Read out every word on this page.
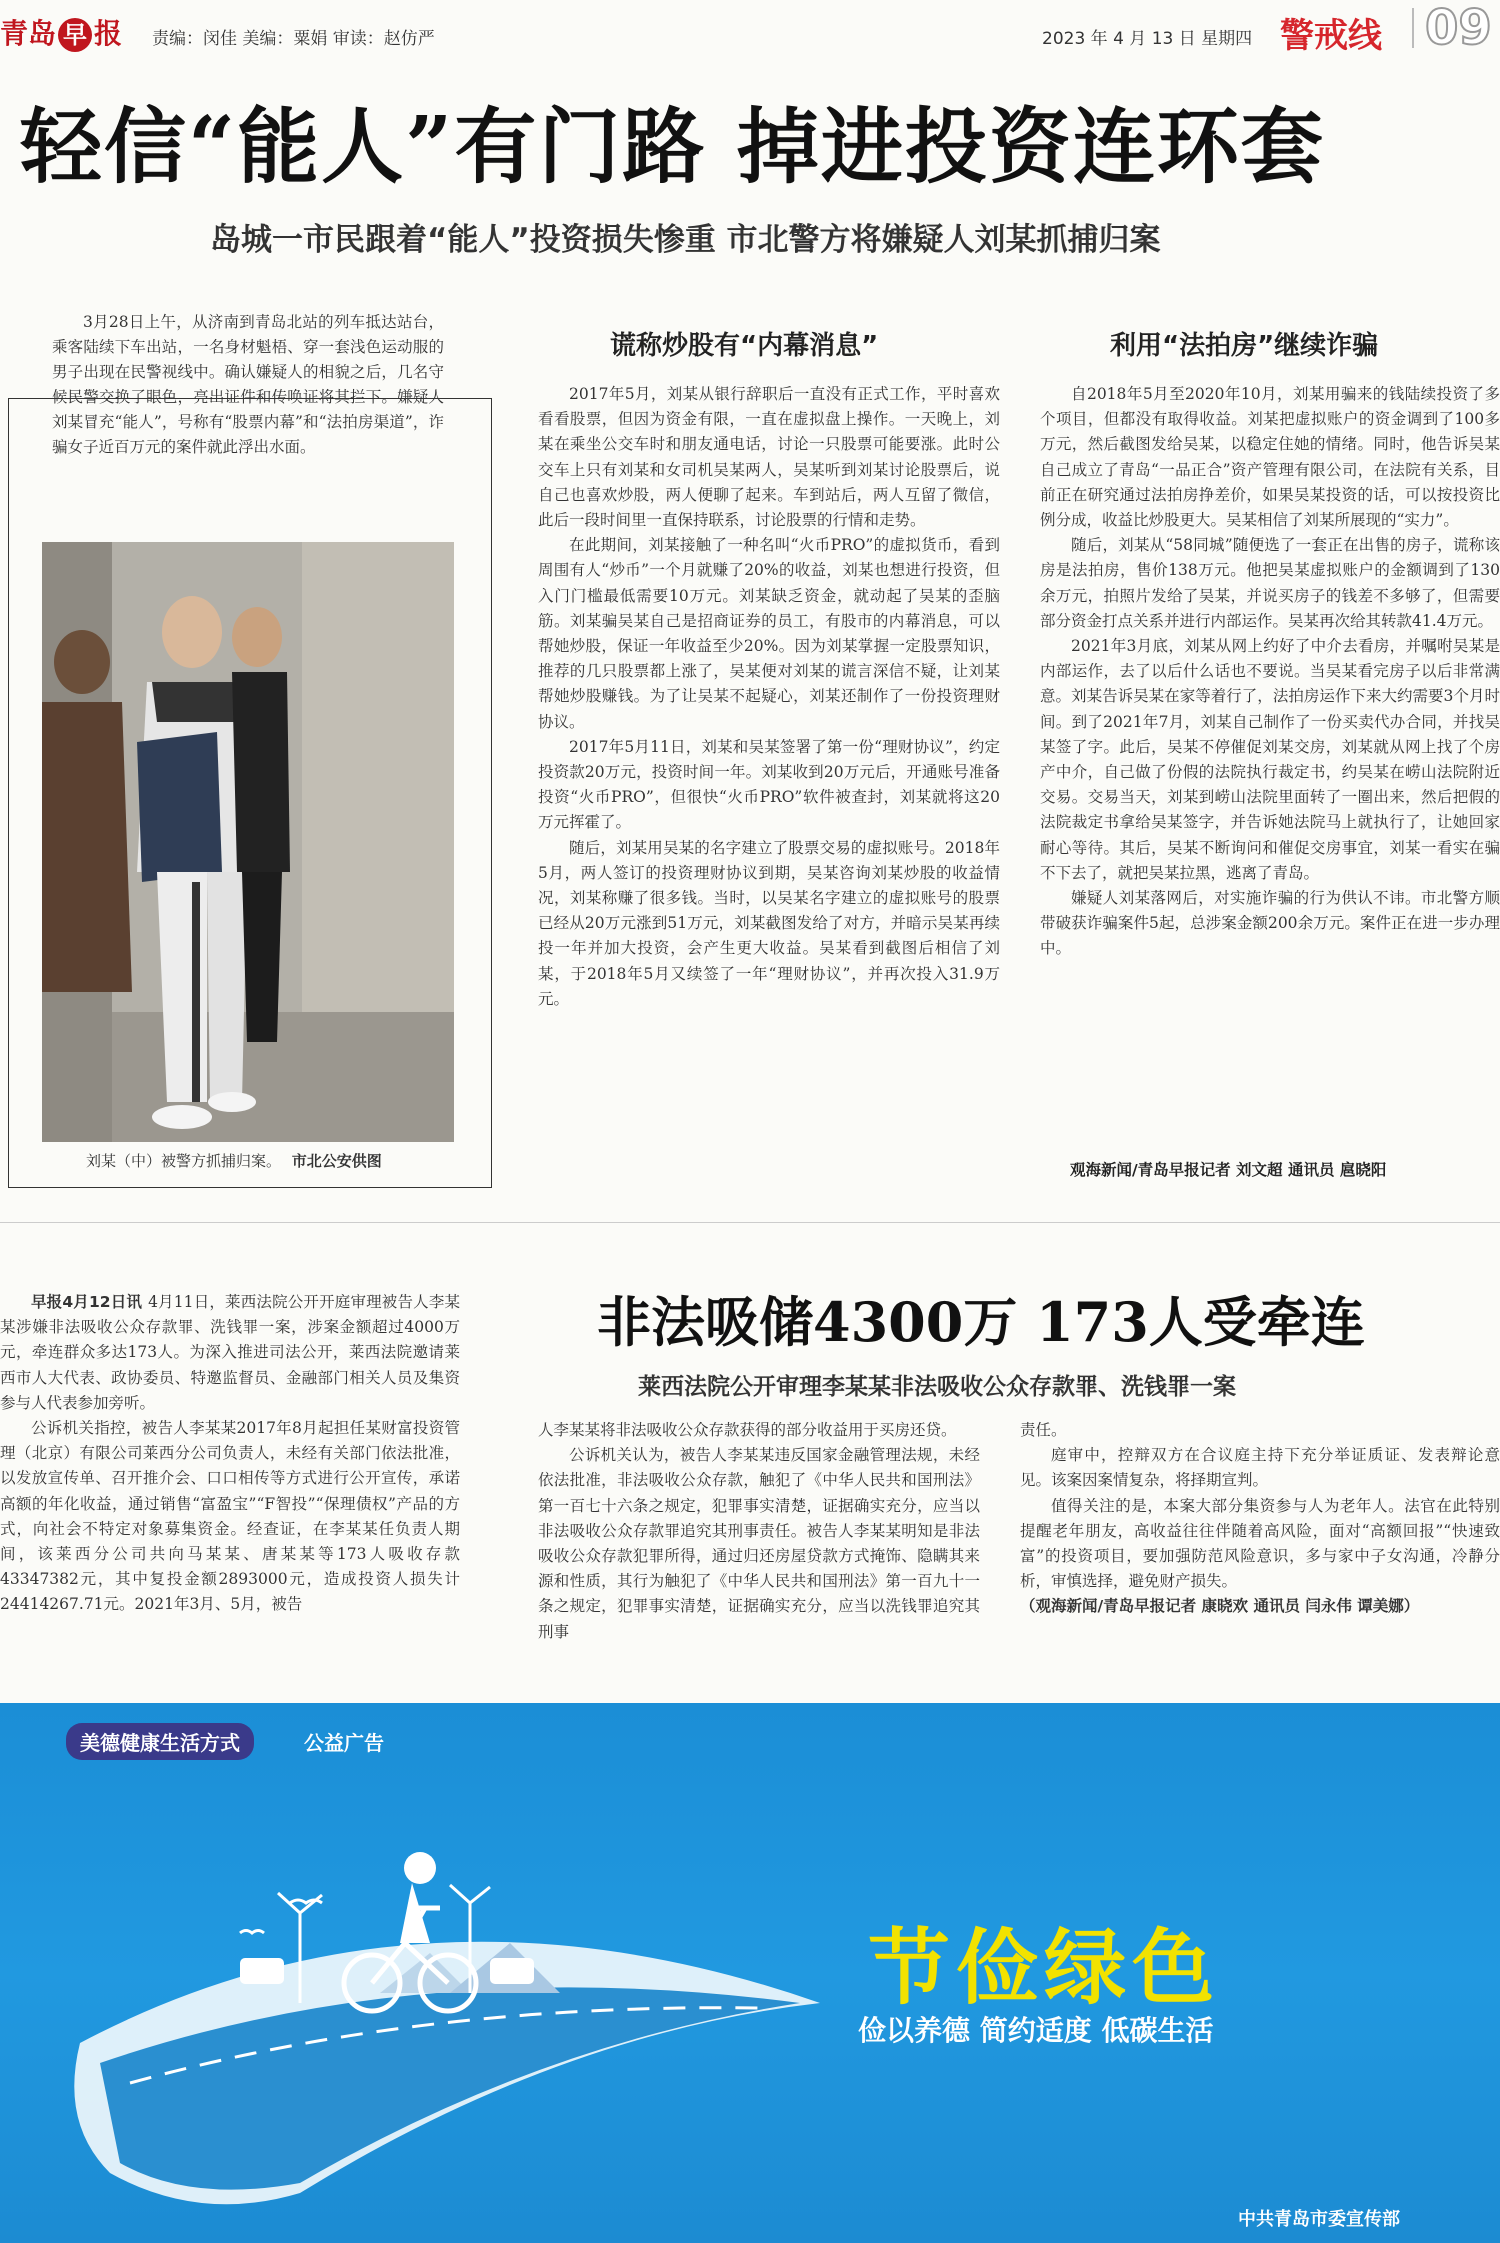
青岛 早 报 责编：闵佳 美编：粟娟 审读：赵仿严	2023 年 4 月 13 日 星期四 警戒线 09
轻信“能人”有门路 掉进投资连环套
岛城一市民跟着“能人”投资损失惨重 市北警方将嫌疑人刘某抓捕归案

3月28日上午，从济南到青岛北站的列车抵达站台，乘客陆续下车出站，一名身材魁梧、穿一套浅色运动服的男子出现在民警视线中。确认嫌疑人的相貌之后，几名守候民警交换了眼色，亮出证件和传唤证将其拦下。嫌疑人刘某冒充“能人”，号称有“股票内幕”和“法拍房渠道”，诈骗女子近百万元的案件就此浮出水面。

刘某（中）被警方抓捕归案。 市北公安供图
谎称炒股有“内幕消息”

2017年5月，刘某从银行辞职后一直没有正式工作，平时喜欢看看股票，但因为资金有限，一直在虚拟盘上操作。一天晚上，刘某在乘坐公交车时和朋友通电话，讨论一只股票可能要涨。此时公交车上只有刘某和女司机吴某两人，吴某听到刘某讨论股票后，说自己也喜欢炒股，两人便聊了起来。车到站后，两人互留了微信，此后一段时间里一直保持联系，讨论股票的行情和走势。

在此期间，刘某接触了一种名叫“火币PRO”的虚拟货币，看到周围有人“炒币”一个月就赚了20%的收益，刘某也想进行投资，但入门门槛最低需要10万元。刘某缺乏资金，就动起了吴某的歪脑筋。刘某骗吴某自己是招商证券的员工，有股市的内幕消息，可以帮她炒股，保证一年收益至少20%。因为刘某掌握一定股票知识，推荐的几只股票都上涨了，吴某便对刘某的谎言深信不疑，让刘某帮她炒股赚钱。为了让吴某不起疑心，刘某还制作了一份投资理财协议。

2017年5月11日，刘某和吴某签署了第一份“理财协议”，约定投资款20万元，投资时间一年。刘某收到20万元后，开通账号准备投资“火币PRO”，但很快“火币PRO”软件被查封，刘某就将这20万元挥霍了。

随后，刘某用吴某的名字建立了股票交易的虚拟账号。2018年5月，两人签订的投资理财协议到期，吴某咨询刘某炒股的收益情况，刘某称赚了很多钱。当时，以吴某名字建立的虚拟账号的股票已经从20万元涨到51万元，刘某截图发给了对方，并暗示吴某再续投一年并加大投资，会产生更大收益。吴某看到截图后相信了刘某，于2018年5月又续签了一年“理财协议”，并再次投入31.9万元。

利用“法拍房”继续诈骗

自2018年5月至2020年10月，刘某用骗来的钱陆续投资了多个项目，但都没有取得收益。刘某把虚拟账户的资金调到了100多万元，然后截图发给吴某，以稳定住她的情绪。同时，他告诉吴某自己成立了青岛“一品正合”资产管理有限公司，在法院有关系，目前正在研究通过法拍房挣差价，如果吴某投资的话，可以按投资比例分成，收益比炒股更大。吴某相信了刘某所展现的“实力”。

随后，刘某从“58同城”随便选了一套正在出售的房子，谎称该房是法拍房，售价138万元。他把吴某虚拟账户的金额调到了130余万元，拍照片发给了吴某，并说买房子的钱差不多够了，但需要部分资金打点关系并进行内部运作。吴某再次给其转款41.4万元。

2021年3月底，刘某从网上约好了中介去看房，并嘱咐吴某是内部运作，去了以后什么话也不要说。当吴某看完房子以后非常满意。刘某告诉吴某在家等着行了，法拍房运作下来大约需要3个月时间。到了2021年7月，刘某自己制作了一份买卖代办合同，并找吴某签了字。此后，吴某不停催促刘某交房，刘某就从网上找了个房产中介，自己做了份假的法院执行裁定书，约吴某在崂山法院附近交易。交易当天，刘某到崂山法院里面转了一圈出来，然后把假的法院裁定书拿给吴某签字，并告诉她法院马上就执行了，让她回家耐心等待。其后，吴某不断询问和催促交房事宜，刘某一看实在骗不下去了，就把吴某拉黑，逃离了青岛。

嫌疑人刘某落网后，对实施诈骗的行为供认不讳。市北警方顺带破获诈骗案件5起，总涉案金额200余万元。案件正在进一步办理中。

观海新闻/青岛早报记者 刘文超 通讯员 扈晓阳
非法吸储4300万 173人受牵连
莱西法院公开审理李某某非法吸收公众存款罪、洗钱罪一案

早报4月12日讯 4月11日，莱西法院公开开庭审理被告人李某某涉嫌非法吸收公众存款罪、洗钱罪一案，涉案金额超过4000万元，牵连群众多达173人。为深入推进司法公开，莱西法院邀请莱西市人大代表、政协委员、特邀监督员、金融部门相关人员及集资参与人代表参加旁听。

公诉机关指控，被告人李某某2017年8月起担任某财富投资管理（北京）有限公司莱西分公司负责人，未经有关部门依法批准，以发放宣传单、召开推介会、口口相传等方式进行公开宣传，承诺高额的年化收益，通过销售“富盈宝”“F智投”“保理债权”产品的方式，向社会不特定对象募集资金。经查证，在李某某任负责人期间，该莱西分公司共向马某某、唐某某等173人吸收存款43347382元，其中复投金额2893000元，造成投资人损失计24414267.71元。2021年3月、5月，被告

人李某某将非法吸收公众存款获得的部分收益用于买房还贷。

公诉机关认为，被告人李某某违反国家金融管理法规，未经依法批准，非法吸收公众存款，触犯了《中华人民共和国刑法》第一百七十六条之规定，犯罪事实清楚，证据确实充分，应当以非法吸收公众存款罪追究其刑事责任。被告人李某某明知是非法吸收公众存款犯罪所得，通过归还房屋贷款方式掩饰、隐瞒其来源和性质，其行为触犯了《中华人民共和国刑法》第一百九十一条之规定，犯罪事实清楚，证据确实充分，应当以洗钱罪追究其刑事

责任。

庭审中，控辩双方在合议庭主持下充分举证质证、发表辩论意见。该案因案情复杂，将择期宣判。

值得关注的是，本案大部分集资参与人为老年人。法官在此特别提醒老年朋友，高收益往往伴随着高风险，面对“高额回报”“快速致富”的投资项目，要加强防范风险意识，多与家中子女沟通，冷静分析，审慎选择，避免财产损失。

（观海新闻/青岛早报记者 康晓欢 通讯员 闫永伟 谭美娜）

美德健康生活方式	公益广告
节俭绿色
俭以养德 简约适度 低碳生活
中共青岛市委宣传部
